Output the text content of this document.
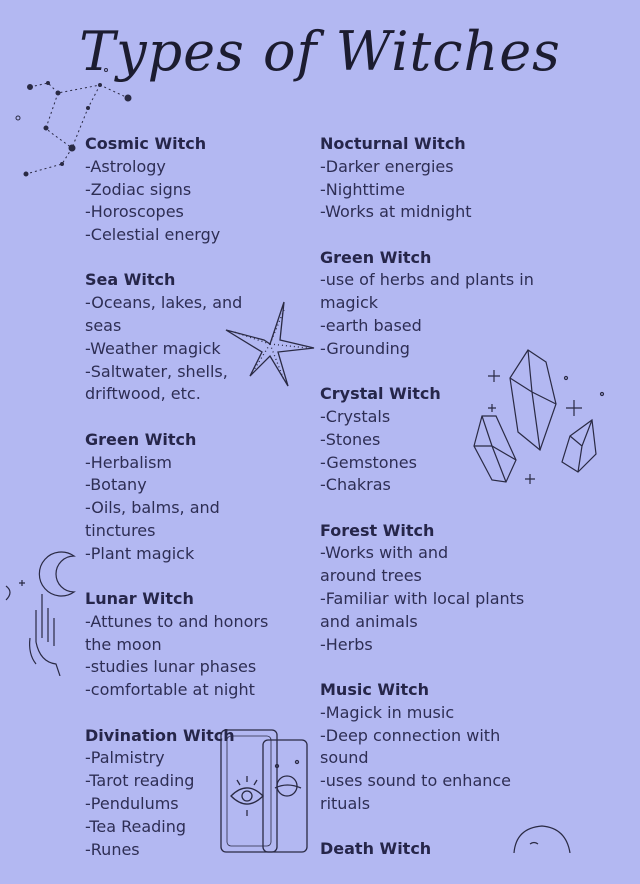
Types of Witches
Cosmic Witch
-Astrology
-Zodiac signs
-Horoscopes
-Celestial energy
Sea Witch
-Oceans, lakes, and
seas
-Weather magick
-Saltwater, shells,
driftwood, etc.
Green Witch
-Herbalism
-Botany
-Oils, balms, and
tinctures
-Plant magick
Lunar Witch
-Attunes to and honors
the moon
-studies lunar phases
-comfortable at night
Divination Witch
-Palmistry
-Tarot reading
-Pendulums
-Tea Reading
-Runes
Nocturnal Witch
-Darker energies
-Nighttime
-Works at midnight
Green Witch
-use of herbs and plants in
magick
-earth based
-Grounding
Crystal Witch
-Crystals
-Stones
-Gemstones
-Chakras
Forest Witch
-Works with and
around trees
-Familiar with local plants
and animals
-Herbs
Music Witch
-Magick in music
-Deep connection with
sound
-uses sound to enhance
rituals
Death Witch
